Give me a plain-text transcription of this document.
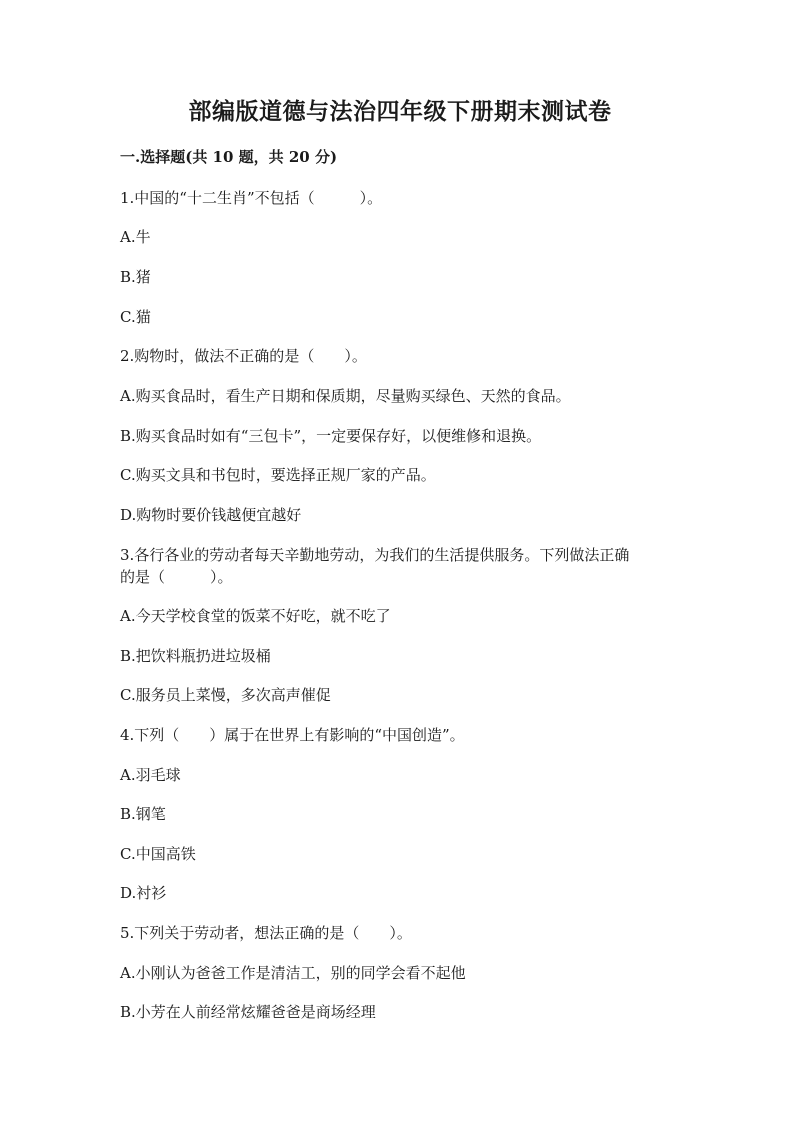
部编版道德与法治四年级下册期末测试卷
一.选择题(共 10 题，共 20 分)
1.中国的“十二生肖”不包括（　　　）。
A.牛
B.猪
C.猫
2.购物时，做法不正确的是（　　）。
A.购买食品时，看生产日期和保质期，尽量购买绿色、天然的食品。
B.购买食品时如有“三包卡”，一定要保存好，以便维修和退换。
C.购买文具和书包时，要选择正规厂家的产品。
D.购物时要价钱越便宜越好
3.各行各业的劳动者每天辛勤地劳动，为我们的生活提供服务。下列做法正确
的是（　　　）。
A.今天学校食堂的饭菜不好吃，就不吃了
B.把饮料瓶扔进垃圾桶
C.服务员上菜慢，多次高声催促
4.下列（　　）属于在世界上有影响的“中国创造”。
A.羽毛球
B.钢笔
C.中国高铁
D.衬衫
5.下列关于劳动者，想法正确的是（　　）。
A.小刚认为爸爸工作是清洁工，别的同学会看不起他
B.小芳在人前经常炫耀爸爸是商场经理
